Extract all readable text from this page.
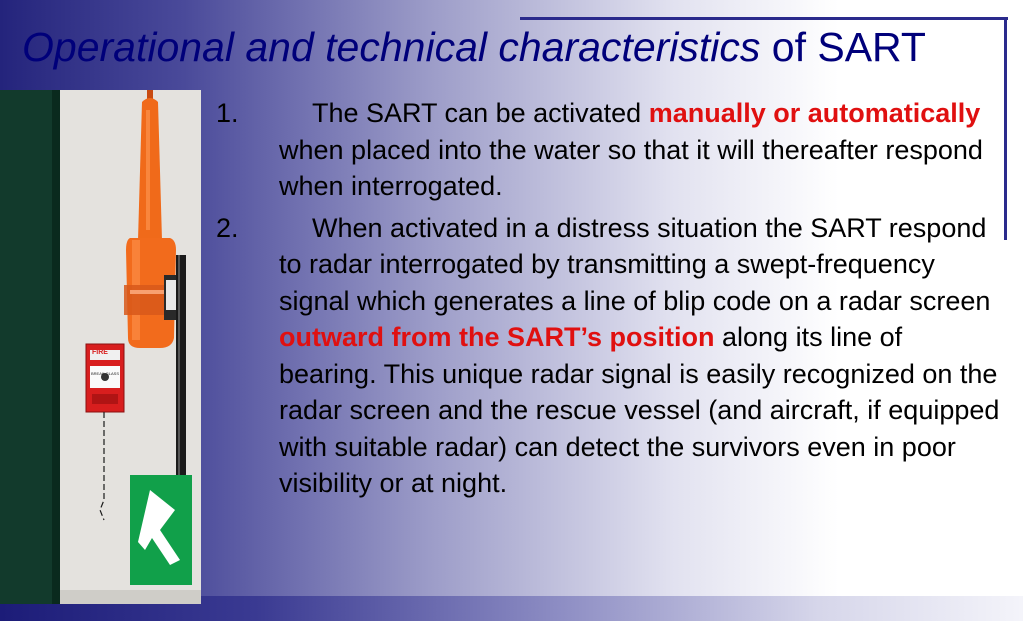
Operational and technical characteristics of SART
FIRE
BREAK GLASS
1.	The SART can be activated manually or automatically when placed into the water so that it will thereafter respond when interrogated.
2.	When activated in a distress situation the SART respond to radar interrogated by transmitting a swept-frequency signal which generates a line of blip code on a radar screen outward from the SART’s position along its line of bearing. This unique radar signal is easily recognized on the radar screen and the rescue vessel (and aircraft, if equipped with suitable radar) can detect the survivors even in poor visibility or at night.
